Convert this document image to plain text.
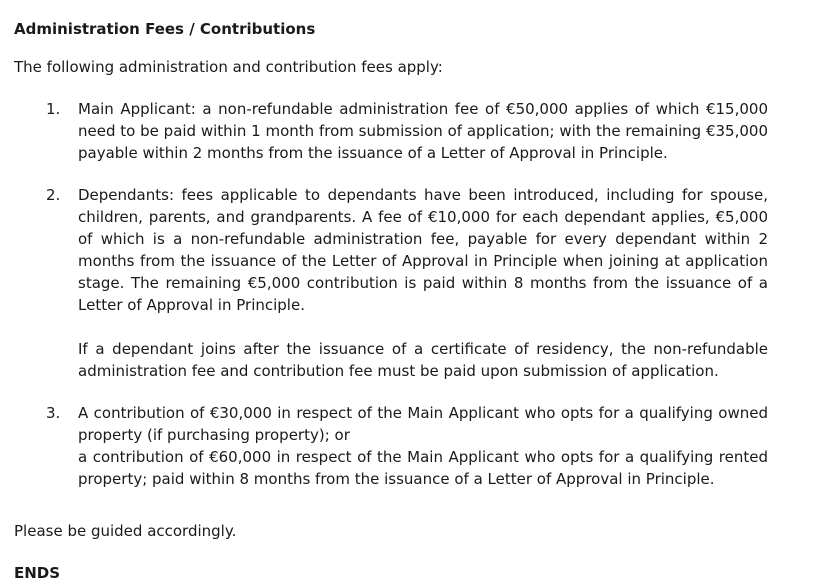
Administration Fees / Contributions
The following administration and contribution fees apply:
1. Main Applicant: a non-refundable administration fee of €50,000 applies of which €15,000 need to be paid within 1 month from submission of application; with the remaining €35,000 payable within 2 months from the issuance of a Letter of Approval in Principle.

2. Dependants: fees applicable to dependants have been introduced, including for spouse, children, parents, and grandparents. A fee of €10,000 for each dependant applies, €5,000 of which is a non-refundable administration fee, payable for every dependant within 2 months from the issuance of the Letter of Approval in Principle when joining at application stage. The remaining €5,000 contribution is paid within 8 months from the issuance of a Letter of Approval in Principle.

If a dependant joins after the issuance of a certificate of residency, the non-refundable administration fee and contribution fee must be paid upon submission of application.

3. A contribution of €30,000 in respect of the Main Applicant who opts for a qualifying owned property (if purchasing property); or

a contribution of €60,000 in respect of the Main Applicant who opts for a qualifying rented property; paid within 8 months from the issuance of a Letter of Approval in Principle.

Please be guided accordingly.
ENDS
